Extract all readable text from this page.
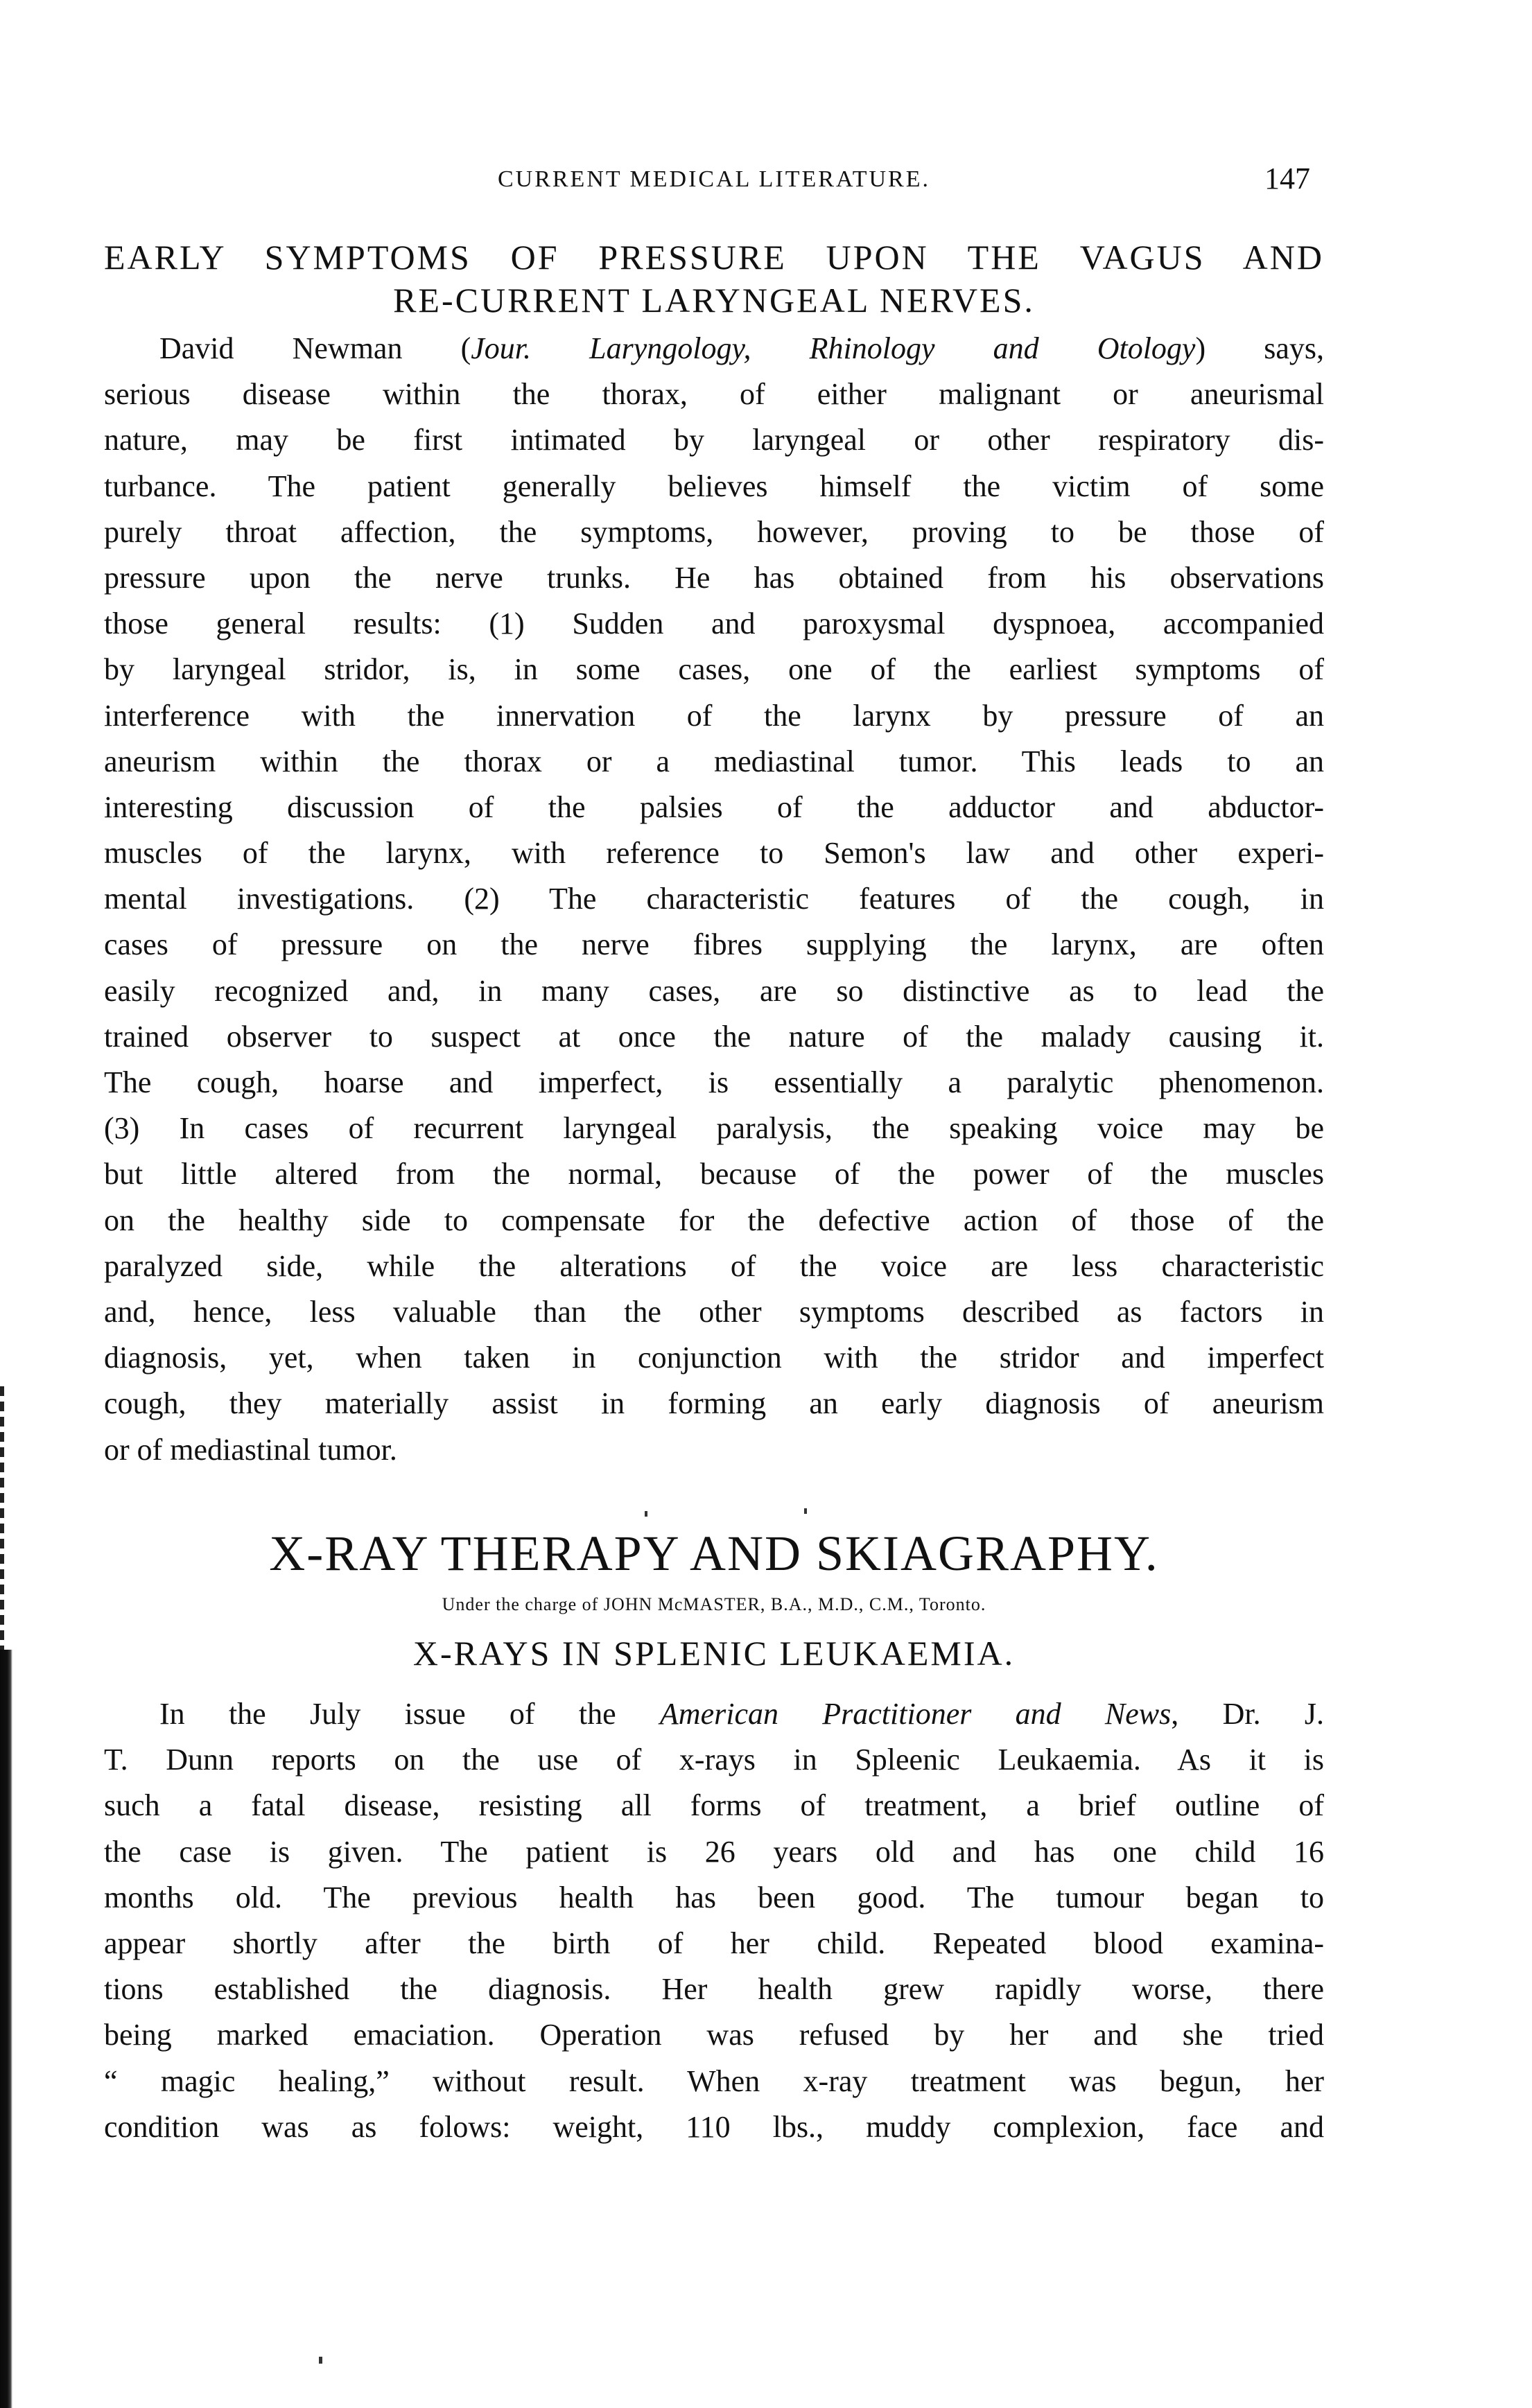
CURRENT MEDICAL LITERATURE.	147
EARLY SYMPTOMS OF PRESSURE UPON THE VAGUS AND
RE-CURRENT LARYNGEAL NERVES.
David Newman (Jour. Laryngology, Rhinology and Otology) says,
serious disease within the thorax, of either malignant or aneurismal
nature, may be first intimated by laryngeal or other respiratory dis-
turbance. The patient generally believes himself the victim of some
purely throat affection, the symptoms, however, proving to be those of
pressure upon the nerve trunks. He has obtained from his observations
those general results: (1) Sudden and paroxysmal dyspnoea, accompanied
by laryngeal stridor, is, in some cases, one of the earliest symptoms of
interference with the innervation of the larynx by pressure of an
aneurism within the thorax or a mediastinal tumor. This leads to an
interesting discussion of the palsies of the adductor and abductor-
muscles of the larynx, with reference to Semon's law and other experi-
mental investigations. (2) The characteristic features of the cough, in
cases of pressure on the nerve fibres supplying the larynx, are often
easily recognized and, in many cases, are so distinctive as to lead the
trained observer to suspect at once the nature of the malady causing it.
The cough, hoarse and imperfect, is essentially a paralytic phenomenon.
(3) In cases of recurrent laryngeal paralysis, the speaking voice may be
but little altered from the normal, because of the power of the muscles
on the healthy side to compensate for the defective action of those of the
paralyzed side, while the alterations of the voice are less characteristic
and, hence, less valuable than the other symptoms described as factors in
diagnosis, yet, when taken in conjunction with the stridor and imperfect
cough, they materially assist in forming an early diagnosis of aneurism
or of mediastinal tumor.
X-RAY THERAPY AND SKIAGRAPHY.
Under the charge of JOHN McMASTER, B.A., M.D., C.M., Toronto.
X-RAYS IN SPLENIC LEUKAEMIA.
In the July issue of the American Practitioner and News, Dr. J.
T. Dunn reports on the use of x-rays in Spleenic Leukaemia. As it is
such a fatal disease, resisting all forms of treatment, a brief outline of
the case is given. The patient is 26 years old and has one child 16
months old. The previous health has been good. The tumour began to
appear shortly after the birth of her child. Repeated blood examina-
tions established the diagnosis. Her health grew rapidly worse, there
being marked emaciation. Operation was refused by her and she tried
“ magic healing,” without result. When x-ray treatment was begun, her
condition was as folows: weight, 110 lbs., muddy complexion, face and
